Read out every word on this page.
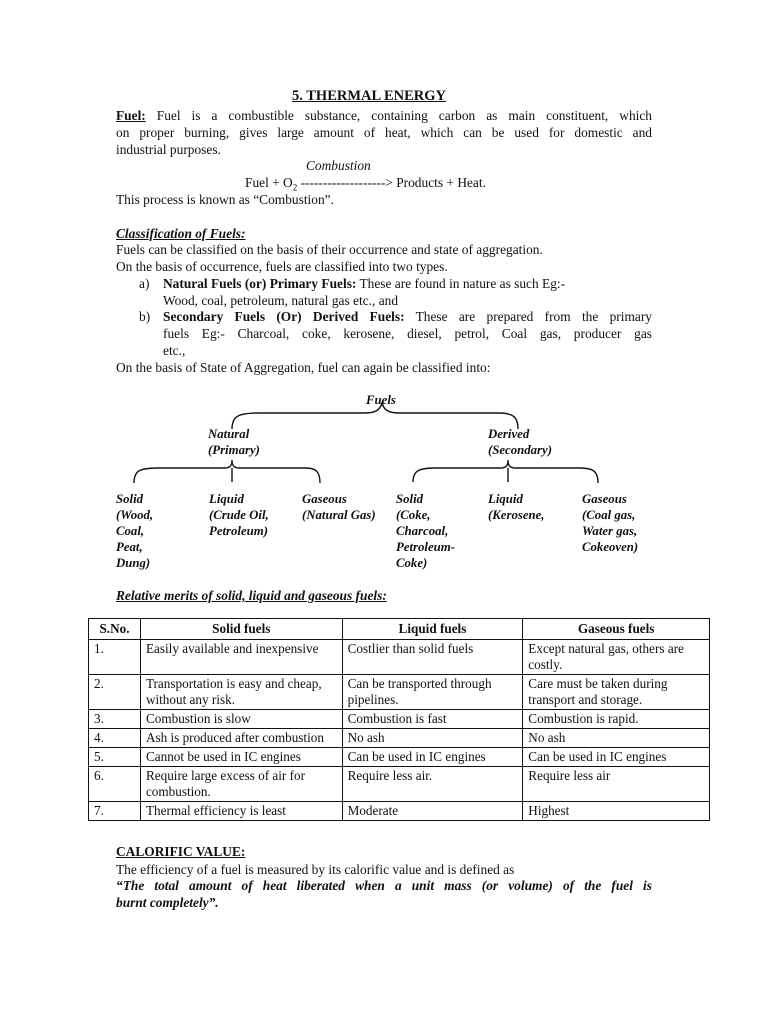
5. THERMAL ENERGY
Fuel: Fuel is a combustible substance, containing carbon as main constituent, which
on proper burning, gives large amount of heat, which can be used for domestic and
industrial purposes.
Combustion
Fuel + $O_2$ -------------------> Products + Heat.
This process is known as “Combustion”.
Classification of Fuels:
Fuels can be classified on the basis of their occurrence and state of aggregation.
On the basis of occurrence, fuels are classified into two types.
a) Natural Fuels (or) Primary Fuels: These are found in nature as such Eg:-
Wood, coal, petroleum, natural gas etc., and
b) Secondary Fuels (Or) Derived Fuels: These are prepared from the primary
fuels Eg:- Charcoal, coke, kerosene, diesel, petrol, Coal gas, producer gas
etc.,
On the basis of State of Aggregation, fuel can again be classified into:
Fuels
Natural
(Primary)
Derived
(Secondary)
Solid
(Wood,
Coal,
Peat,
Dung)
Liquid
(Crude Oil,
Petroleum)
Gaseous
(Natural Gas)
Solid
(Coke,
Charcoal,
Petroleum-
Coke)
Liquid
(Kerosene,
Gaseous
(Coal gas,
Water gas,
Cokeoven)
Relative merits of solid, liquid and gaseous fuels:
S.No.	Solid fuels	Liquid fuels	Gaseous fuels
1.	Easily available and inexpensive	Costlier than solid fuels	Except natural gas, others are costly.
2.	Transportation is easy and cheap, without any risk.	Can be transported through pipelines.	Care must be taken during transport and storage.
3.	Combustion is slow	Combustion is fast	Combustion is rapid.
4.	Ash is produced after combustion	No ash	No ash
5.	Cannot be used in IC engines	Can be used in IC engines	Can be used in IC engines
6.	Require large excess of air for combustion.	Require less air.	Require less air
7.	Thermal efficiency is least	Moderate	Highest
CALORIFIC VALUE:
The efficiency of a fuel is measured by its calorific value and is defined as
“The total amount of heat liberated when a unit mass (or volume) of the fuel is
burnt completely”.
